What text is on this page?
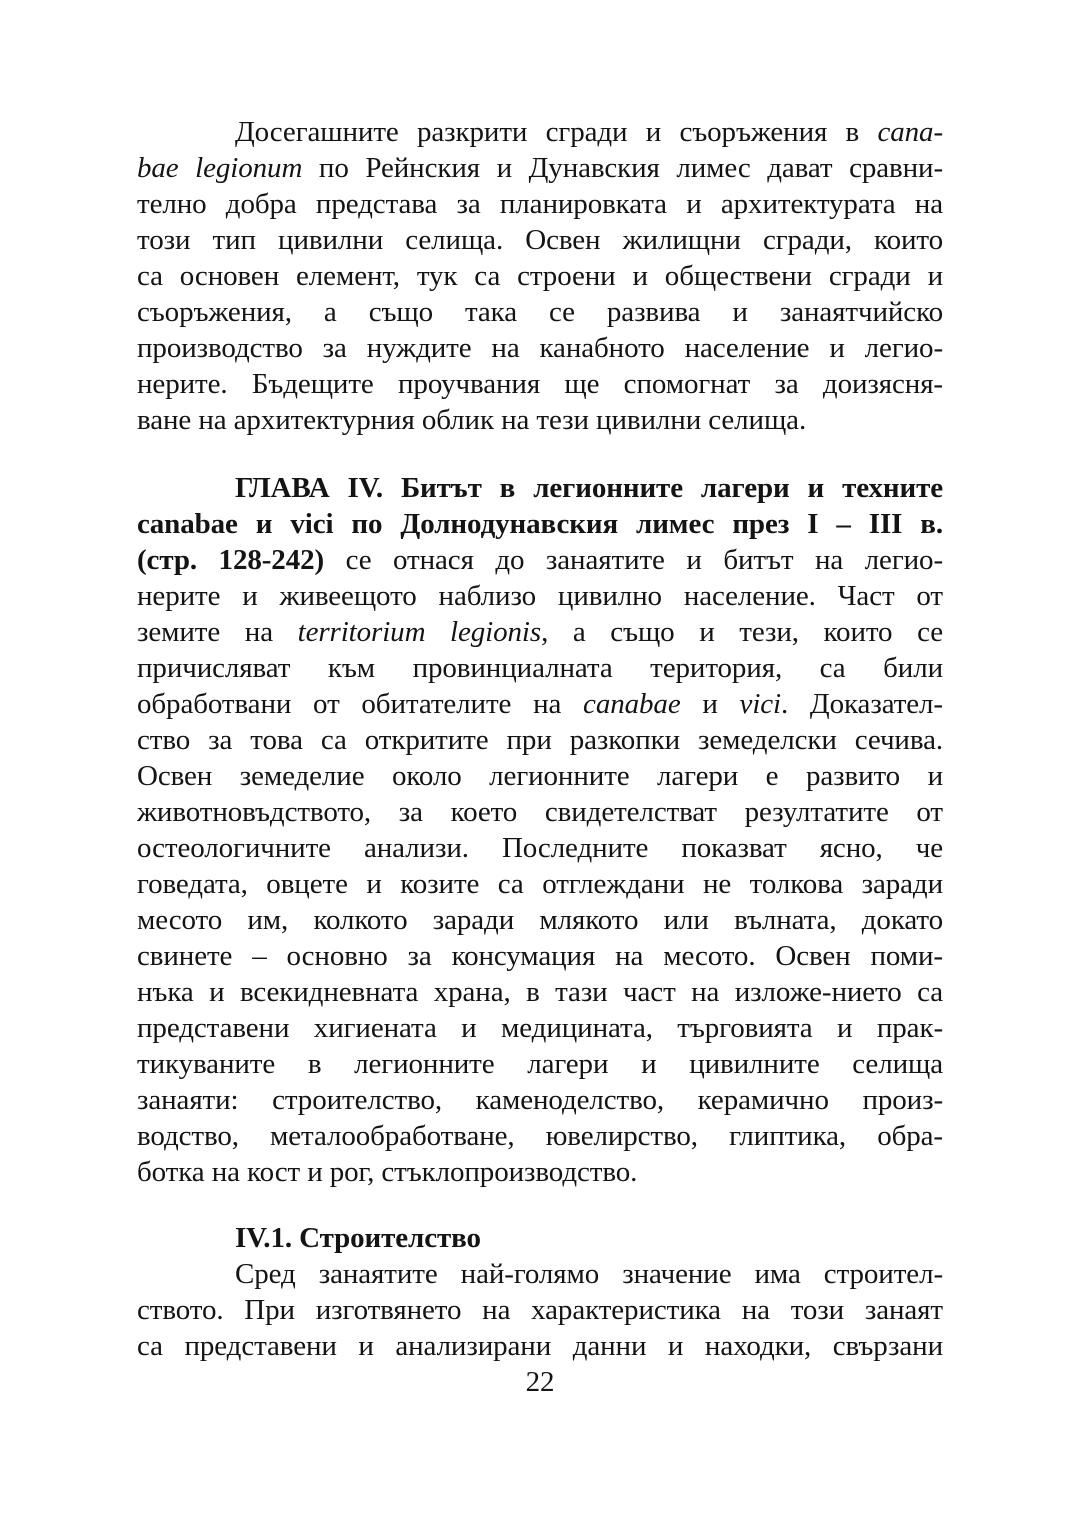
Досегашните разкрити сгради и съоръжения в cana-
bae legionum по Рейнския и Дунавския лимес дават сравни-
телно добра представа за планировката и архитектурата на
този тип цивилни селища. Освен жилищни сгради, които
са основен елемент, тук са строени и обществени сгради и
съоръжения, а също така се развива и занаятчийско
производство за нуждите на канабното население и легио-
нерите. Бъдещите проучвания ще спомогнат за доизясня-
ване на архитектурния облик на тези цивилни селища.
ГЛАВА IV. Битът в легионните лагери и техните
canabae и vici по Долнодунавския лимес през I – III в.
(стр. 128-242) се отнася до занаятите и битът на легио-
нерите и живеещото наблизо цивилно население. Част от
земите на territorium legionis, а също и тези, които се
причисляват към провинциалната територия, са били
обработвани от обитателите на canabae и vici. Доказател-
ство за това са откритите при разкопки земеделски сечива.
Освен земеделие около легионните лагери е развито и
животновъдството, за което свидетелстват резултатите от
остеологичните анализи. Последните показват ясно, че
говедата, овцете и козите са отглеждани не толкова заради
месото им, колкото заради млякото или вълната, докато
свинете – основно за консумация на месото. Освен поми-
нъка и всекидневната храна, в тази част на изложе-нието са
представени хигиената и медицината, търговията и прак-
тикуваните в легионните лагери и цивилните селища
занаяти: строителство, каменоделство, керамично произ-
водство, металообработване, ювелирство, глиптика, обра-
ботка на кост и рог, стъклопроизводство.
IV.1. Строителство
Сред занаятите най-голямо значение има строител-
ството. При изготвянето на характеристика на този занаят
са представени и анализирани данни и находки, свързани
22
